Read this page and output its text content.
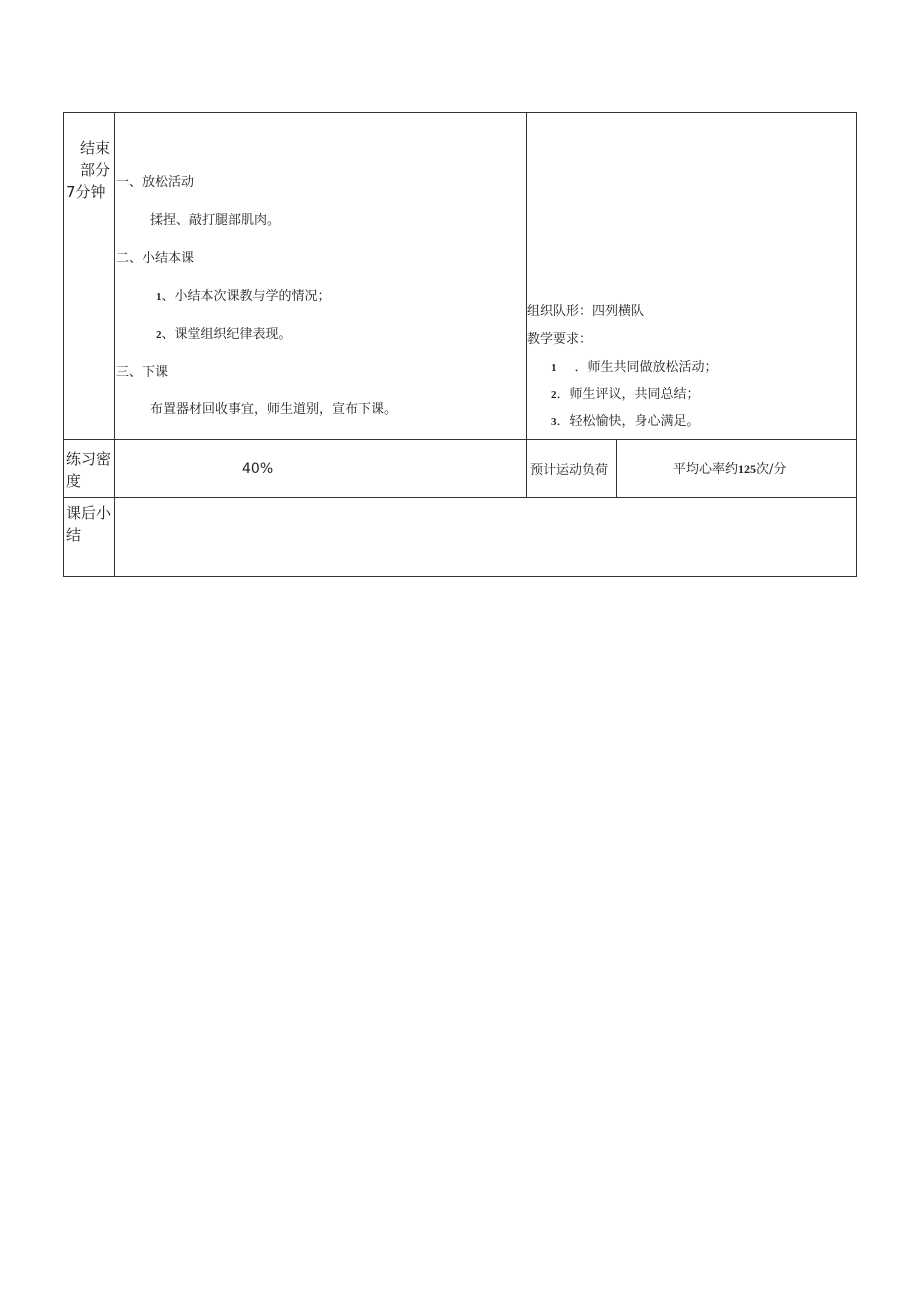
结束
部分
7分钟
一、放松活动
揉捏、敲打腿部肌肉。
二、小结本课
1、小结本次课教与学的情况；
2、课堂组织纪律表现。
三、下课
布置器材回收事宜，师生道别，宣布下课。
组织队形：四列横队
教学要求：
1 ．师生共同做放松活动；
2．师生评议，共同总结；
3．轻松愉快，身心满足。
练习密
度
40%	预计运动负荷	平均心率约125次/分
课后小
结
